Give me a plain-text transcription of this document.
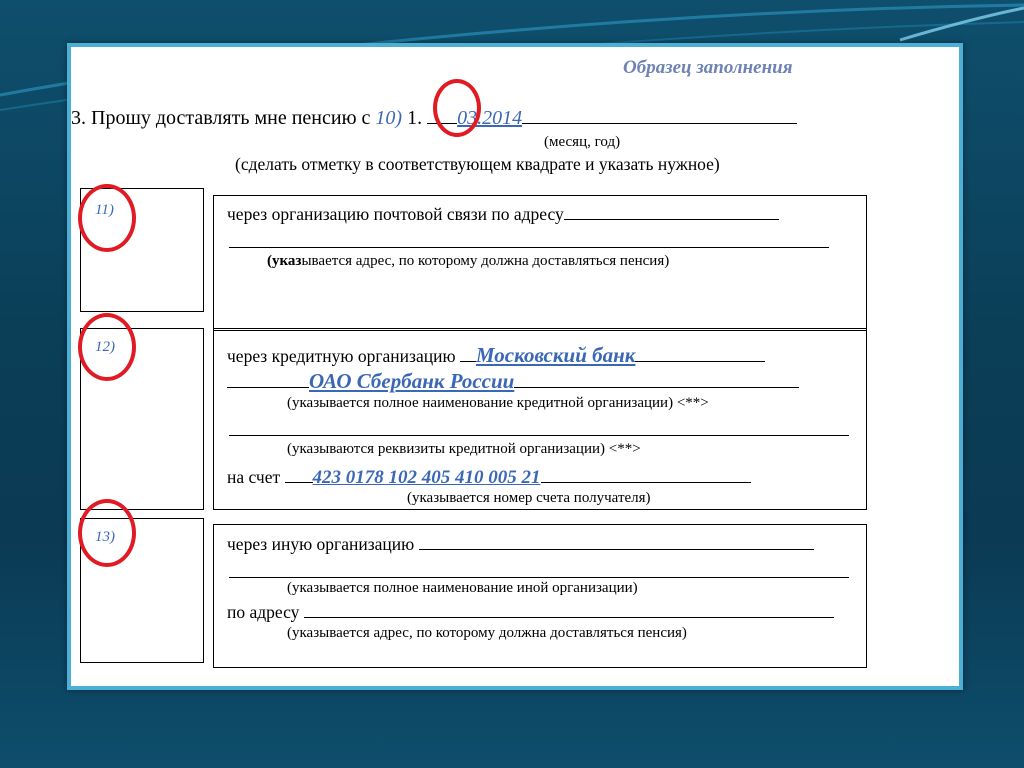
Образец заполнения
3. Прошу доставлять мне пенсию с 10) 1. 03.2014
(месяц, год)
(сделать отметку в соответствующем квадрате и указать нужное)
11)	через организацию почтовой связи по адресу
(указывается адрес, по которому должна доставляться пенсия)
12)	через кредитную организацию Московский банк
ОАО Сбербанк России
(указывается полное наименование кредитной организации) <**>
(указываются реквизиты кредитной организации) <**>
на счет 423 0178 102 405 410 005 21
(указывается номер счета получателя)
13)	через иную организацию
(указывается полное наименование иной организации)
по адресу
(указывается адрес, по которому должна доставляться пенсия)
